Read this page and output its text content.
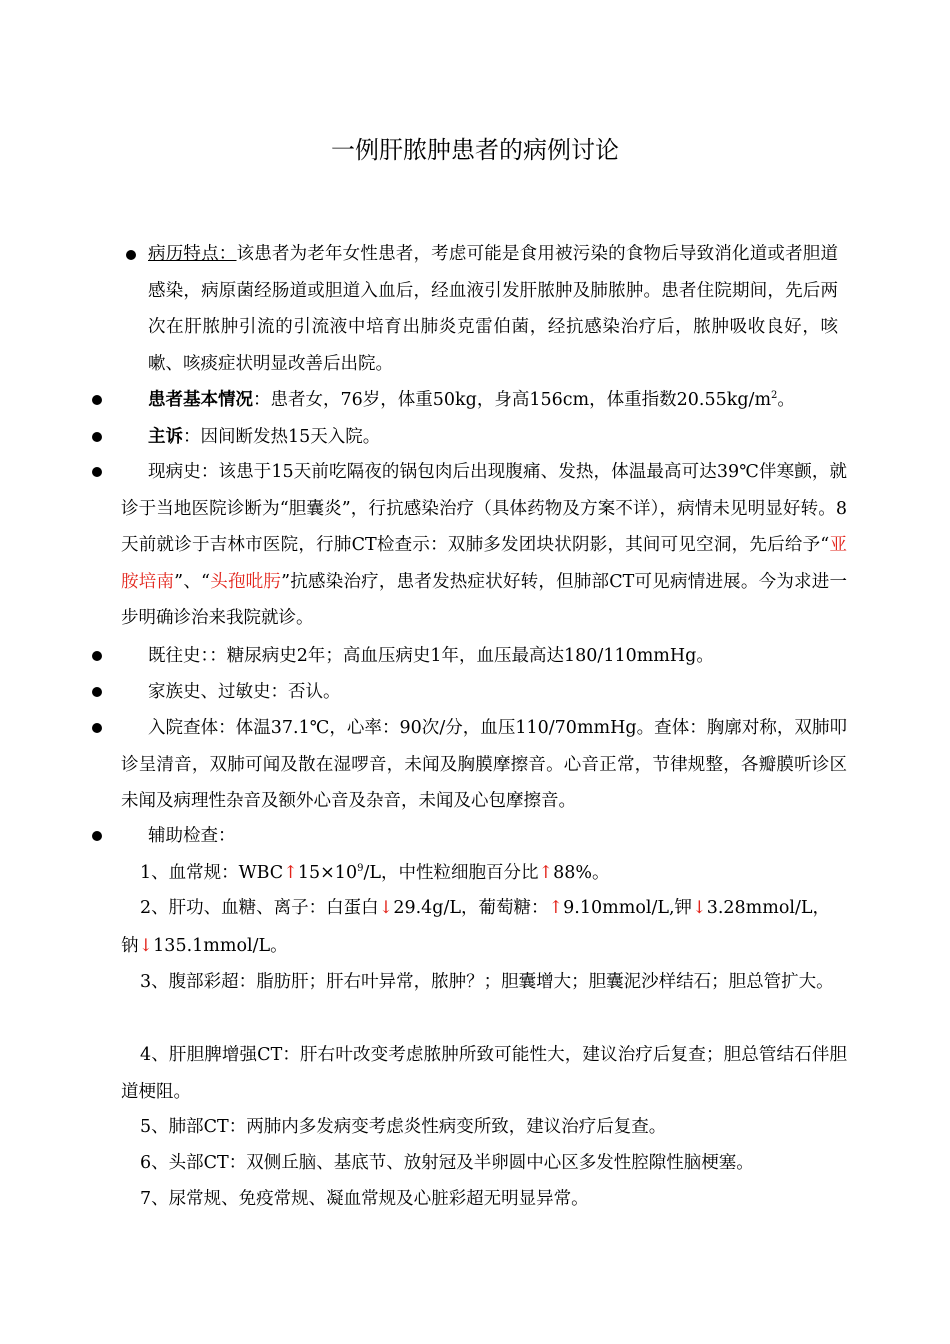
一例肝脓肿患者的病例讨论
病历特点：该患者为老年女性患者，考虑可能是食用被污染的食物后导致消化道或者胆道感染，病原菌经肠道或胆道入血后，经血液引发肝脓肿及肺脓肿。患者住院期间，先后两次在肝脓肿引流的引流液中培育出肺炎克雷伯菌，经抗感染治疗后，脓肿吸收良好，咳嗽、咳痰症状明显改善后出院。
患者基本情况：患者女，76岁，体重50kg，身高156cm，体重指数$20.55kg/m^2$。
主诉：因间断发热15天入院。
现病史：该患于15天前吃隔夜的锅包肉后出现腹痛、发热，体温最高可达39℃伴寒颤，就诊于当地医院诊断为“胆囊炎”，行抗感染治疗（具体药物及方案不详），病情未见明显好转。8天前就诊于吉林市医院，行肺CT检查示：双肺多发团块状阴影，其间可见空洞，先后给予“亚胺培南”、“头孢吡肟”抗感染治疗，患者发热症状好转，但肺部CT可见病情进展。今为求进一步明确诊治来我院就诊。
既往史：：糖尿病史2年；高血压病史1年，血压最高达180/110mmHg。
家族史、过敏史：否认。
入院查体：体温37.1℃，心率：90次/分，血压110/70mmHg。查体：胸廓对称，双肺叩诊呈清音，双肺可闻及散在湿啰音，未闻及胸膜摩擦音。心音正常，节律规整，各瓣膜听诊区未闻及病理性杂音及额外心音及杂音，未闻及心包摩擦音。
辅助检查：
1、血常规：$WBC↑15\times 10^9/L$，中性粒细胞百分比↑88%。
2、肝功、血糖、离子：白蛋白↓29.4g/L，葡萄糖：↑9.10mmol/L,钾↓3.28mmol/L，
钠↓135.1mmol/L。
3、腹部彩超：脂肪肝；肝右叶异常，脓肿？；胆囊增大；胆囊泥沙样结石；胆总管扩大。
4、肝胆脾增强CT：肝右叶改变考虑脓肿所致可能性大，建议治疗后复查；胆总管结石伴胆道梗阻。
5、肺部CT：两肺内多发病变考虑炎性病变所致，建议治疗后复查。
6、头部CT：双侧丘脑、基底节、放射冠及半卵圆中心区多发性腔隙性脑梗塞。
7、尿常规、免疫常规、凝血常规及心脏彩超无明显异常。
